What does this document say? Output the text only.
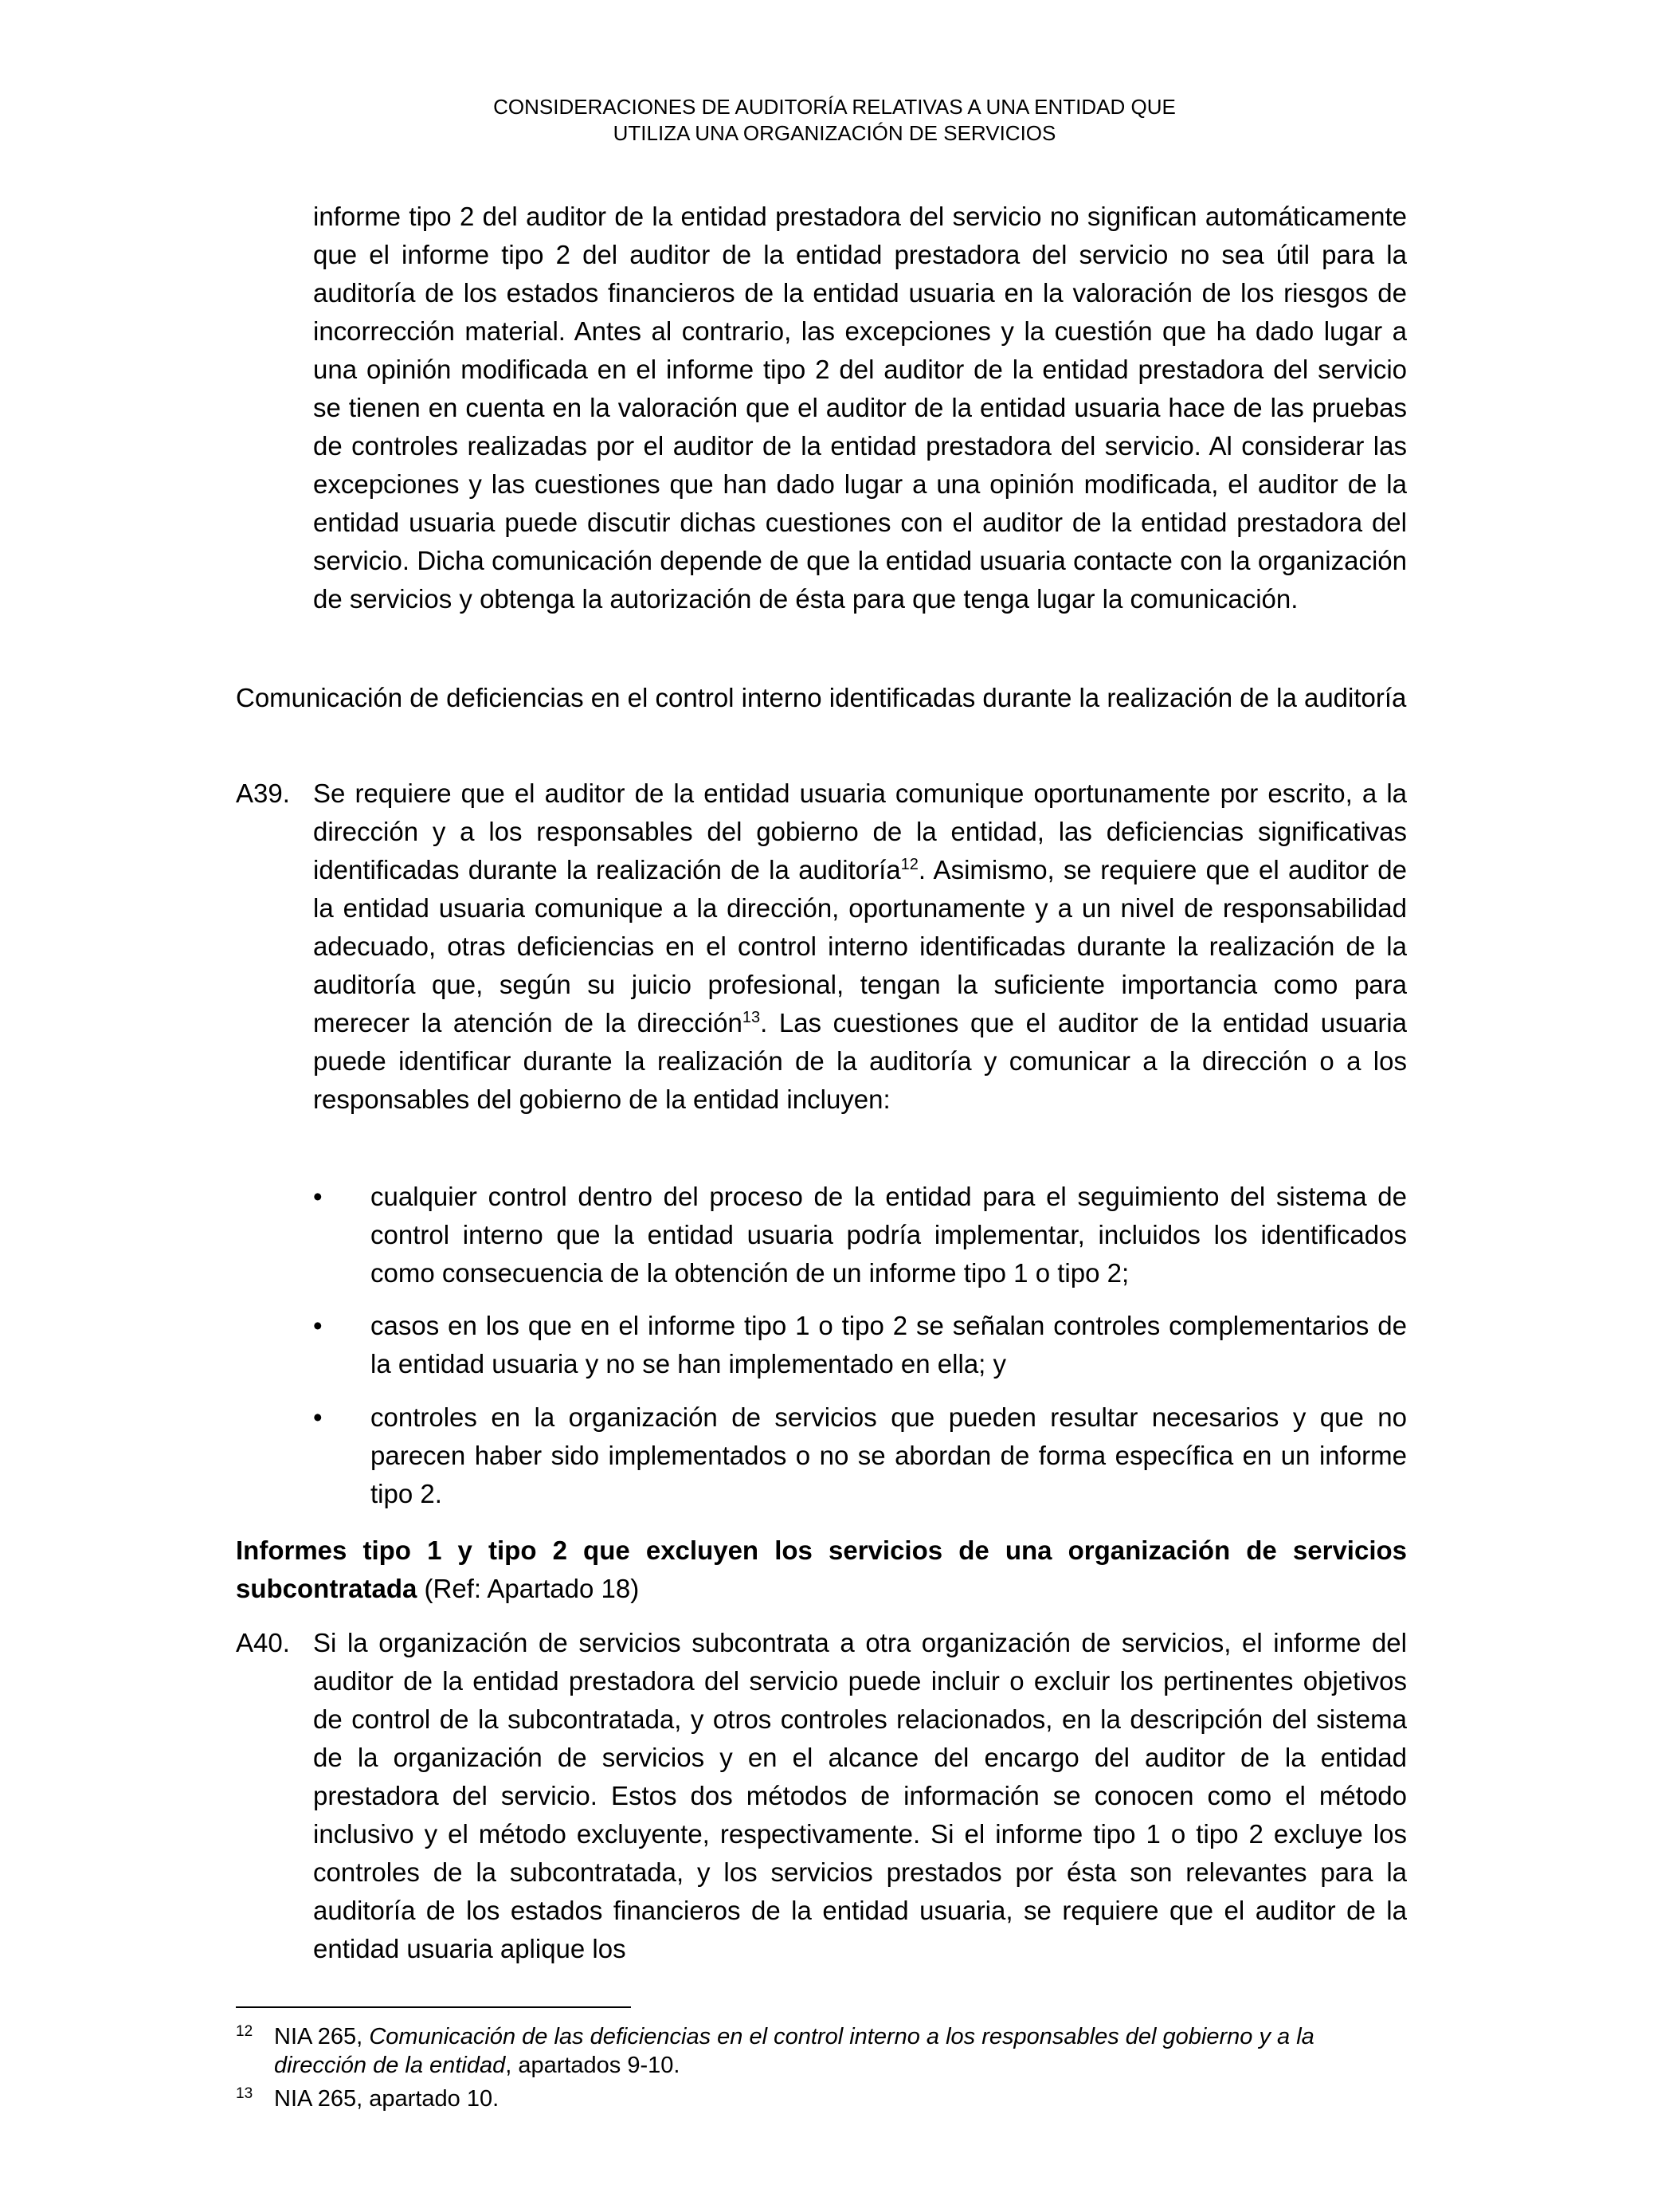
CONSIDERACIONES DE AUDITORÍA RELATIVAS A UNA ENTIDAD QUE
UTILIZA UNA ORGANIZACIÓN DE SERVICIOS
informe tipo 2 del auditor de la entidad prestadora del servicio no significan automáticamente que el informe tipo 2 del auditor de la entidad prestadora del servicio no sea útil para la auditoría de los estados financieros de la entidad usuaria en la valoración de los riesgos de incorrección material. Antes al contrario, las excepciones y la cuestión que ha dado lugar a una opinión modificada en el informe tipo 2 del auditor de la entidad prestadora del servicio se tienen en cuenta en la valoración que el auditor de la entidad usuaria hace de las pruebas de controles realizadas por el auditor de la entidad prestadora del servicio. Al considerar las excepciones y las cuestiones que han dado lugar a una opinión modificada, el auditor de la entidad usuaria puede discutir dichas cuestiones con el auditor de la entidad prestadora del servicio. Dicha comunicación depende de que la entidad usuaria contacte con la organización de servicios y obtenga la autorización de ésta para que tenga lugar la comunicación.
Comunicación de deficiencias en el control interno identificadas durante la realización de la auditoría
A39. Se requiere que el auditor de la entidad usuaria comunique oportunamente por escrito, a la dirección y a los responsables del gobierno de la entidad, las deficiencias significativas identificadas durante la realización de la auditoría$^{12}$. Asimismo, se requiere que el auditor de la entidad usuaria comunique a la dirección, oportunamente y a un nivel de responsabilidad adecuado, otras deficiencias en el control interno identificadas durante la realización de la auditoría que, según su juicio profesional, tengan la suficiente importancia como para merecer la atención de la dirección$^{13}$. Las cuestiones que el auditor de la entidad usuaria puede identificar durante la realización de la auditoría y comunicar a la dirección o a los responsables del gobierno de la entidad incluyen:
• cualquier control dentro del proceso de la entidad para el seguimiento del sistema de control interno que la entidad usuaria podría implementar, incluidos los identificados como consecuencia de la obtención de un informe tipo 1 o tipo 2;
• casos en los que en el informe tipo 1 o tipo 2 se señalan controles complementarios de la entidad usuaria y no se han implementado en ella; y
• controles en la organización de servicios que pueden resultar necesarios y que no parecen haber sido implementados o no se abordan de forma específica en un informe tipo 2.
Informes tipo 1 y tipo 2 que excluyen los servicios de una organización de servicios subcontratada (Ref: Apartado 18)
A40. Si la organización de servicios subcontrata a otra organización de servicios, el informe del auditor de la entidad prestadora del servicio puede incluir o excluir los pertinentes objetivos de control de la subcontratada, y otros controles relacionados, en la descripción del sistema de la organización de servicios y en el alcance del encargo del auditor de la entidad prestadora del servicio. Estos dos métodos de información se conocen como el método inclusivo y el método excluyente, respectivamente. Si el informe tipo 1 o tipo 2 excluye los controles de la subcontratada, y los servicios prestados por ésta son relevantes para la auditoría de los estados financieros de la entidad usuaria, se requiere que el auditor de la entidad usuaria aplique los
12 NIA 265, Comunicación de las deficiencias en el control interno a los responsables del gobierno y a la dirección de la entidad, apartados 9-10.
13 NIA 265, apartado 10.
